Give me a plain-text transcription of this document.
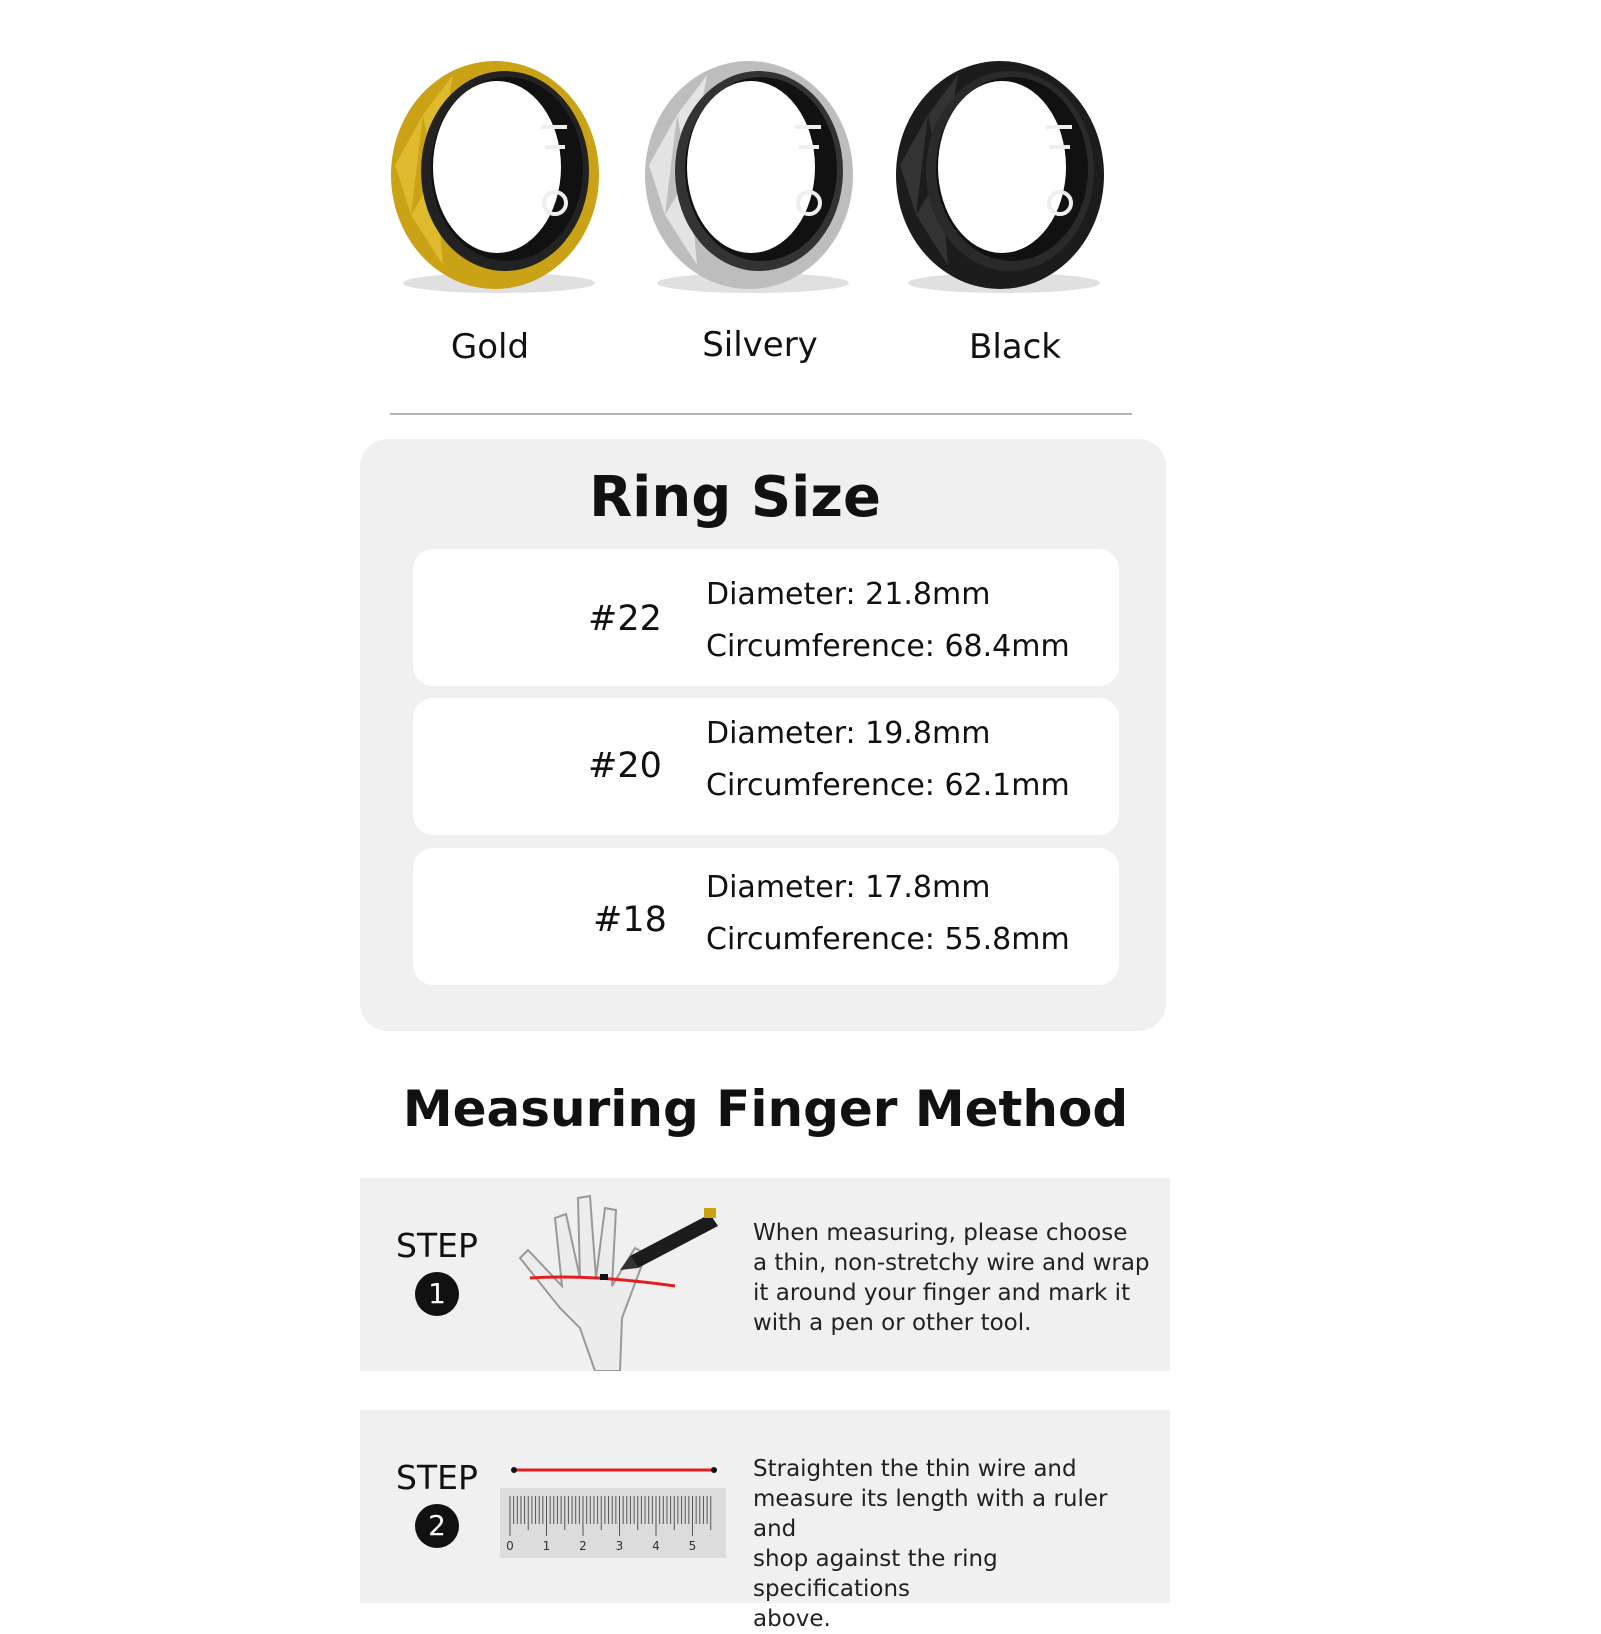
Gold	Silvery	Black
Ring Size
#22
Diameter: 21.8mm
Circumference: 68.4mm
#20
Diameter: 19.8mm
Circumference: 62.1mm
#18
Diameter: 17.8mm
Circumference: 55.8mm
Measuring Finger Method
STEP
1
When measuring, please choose
a thin, non-stretchy wire and wrap
it around your finger and mark it
with a pen or other tool.
STEP
2
0 1 2 3 4 5
Straighten the thin wire and
measure its length with a ruler and
shop against the ring specifications
above.
